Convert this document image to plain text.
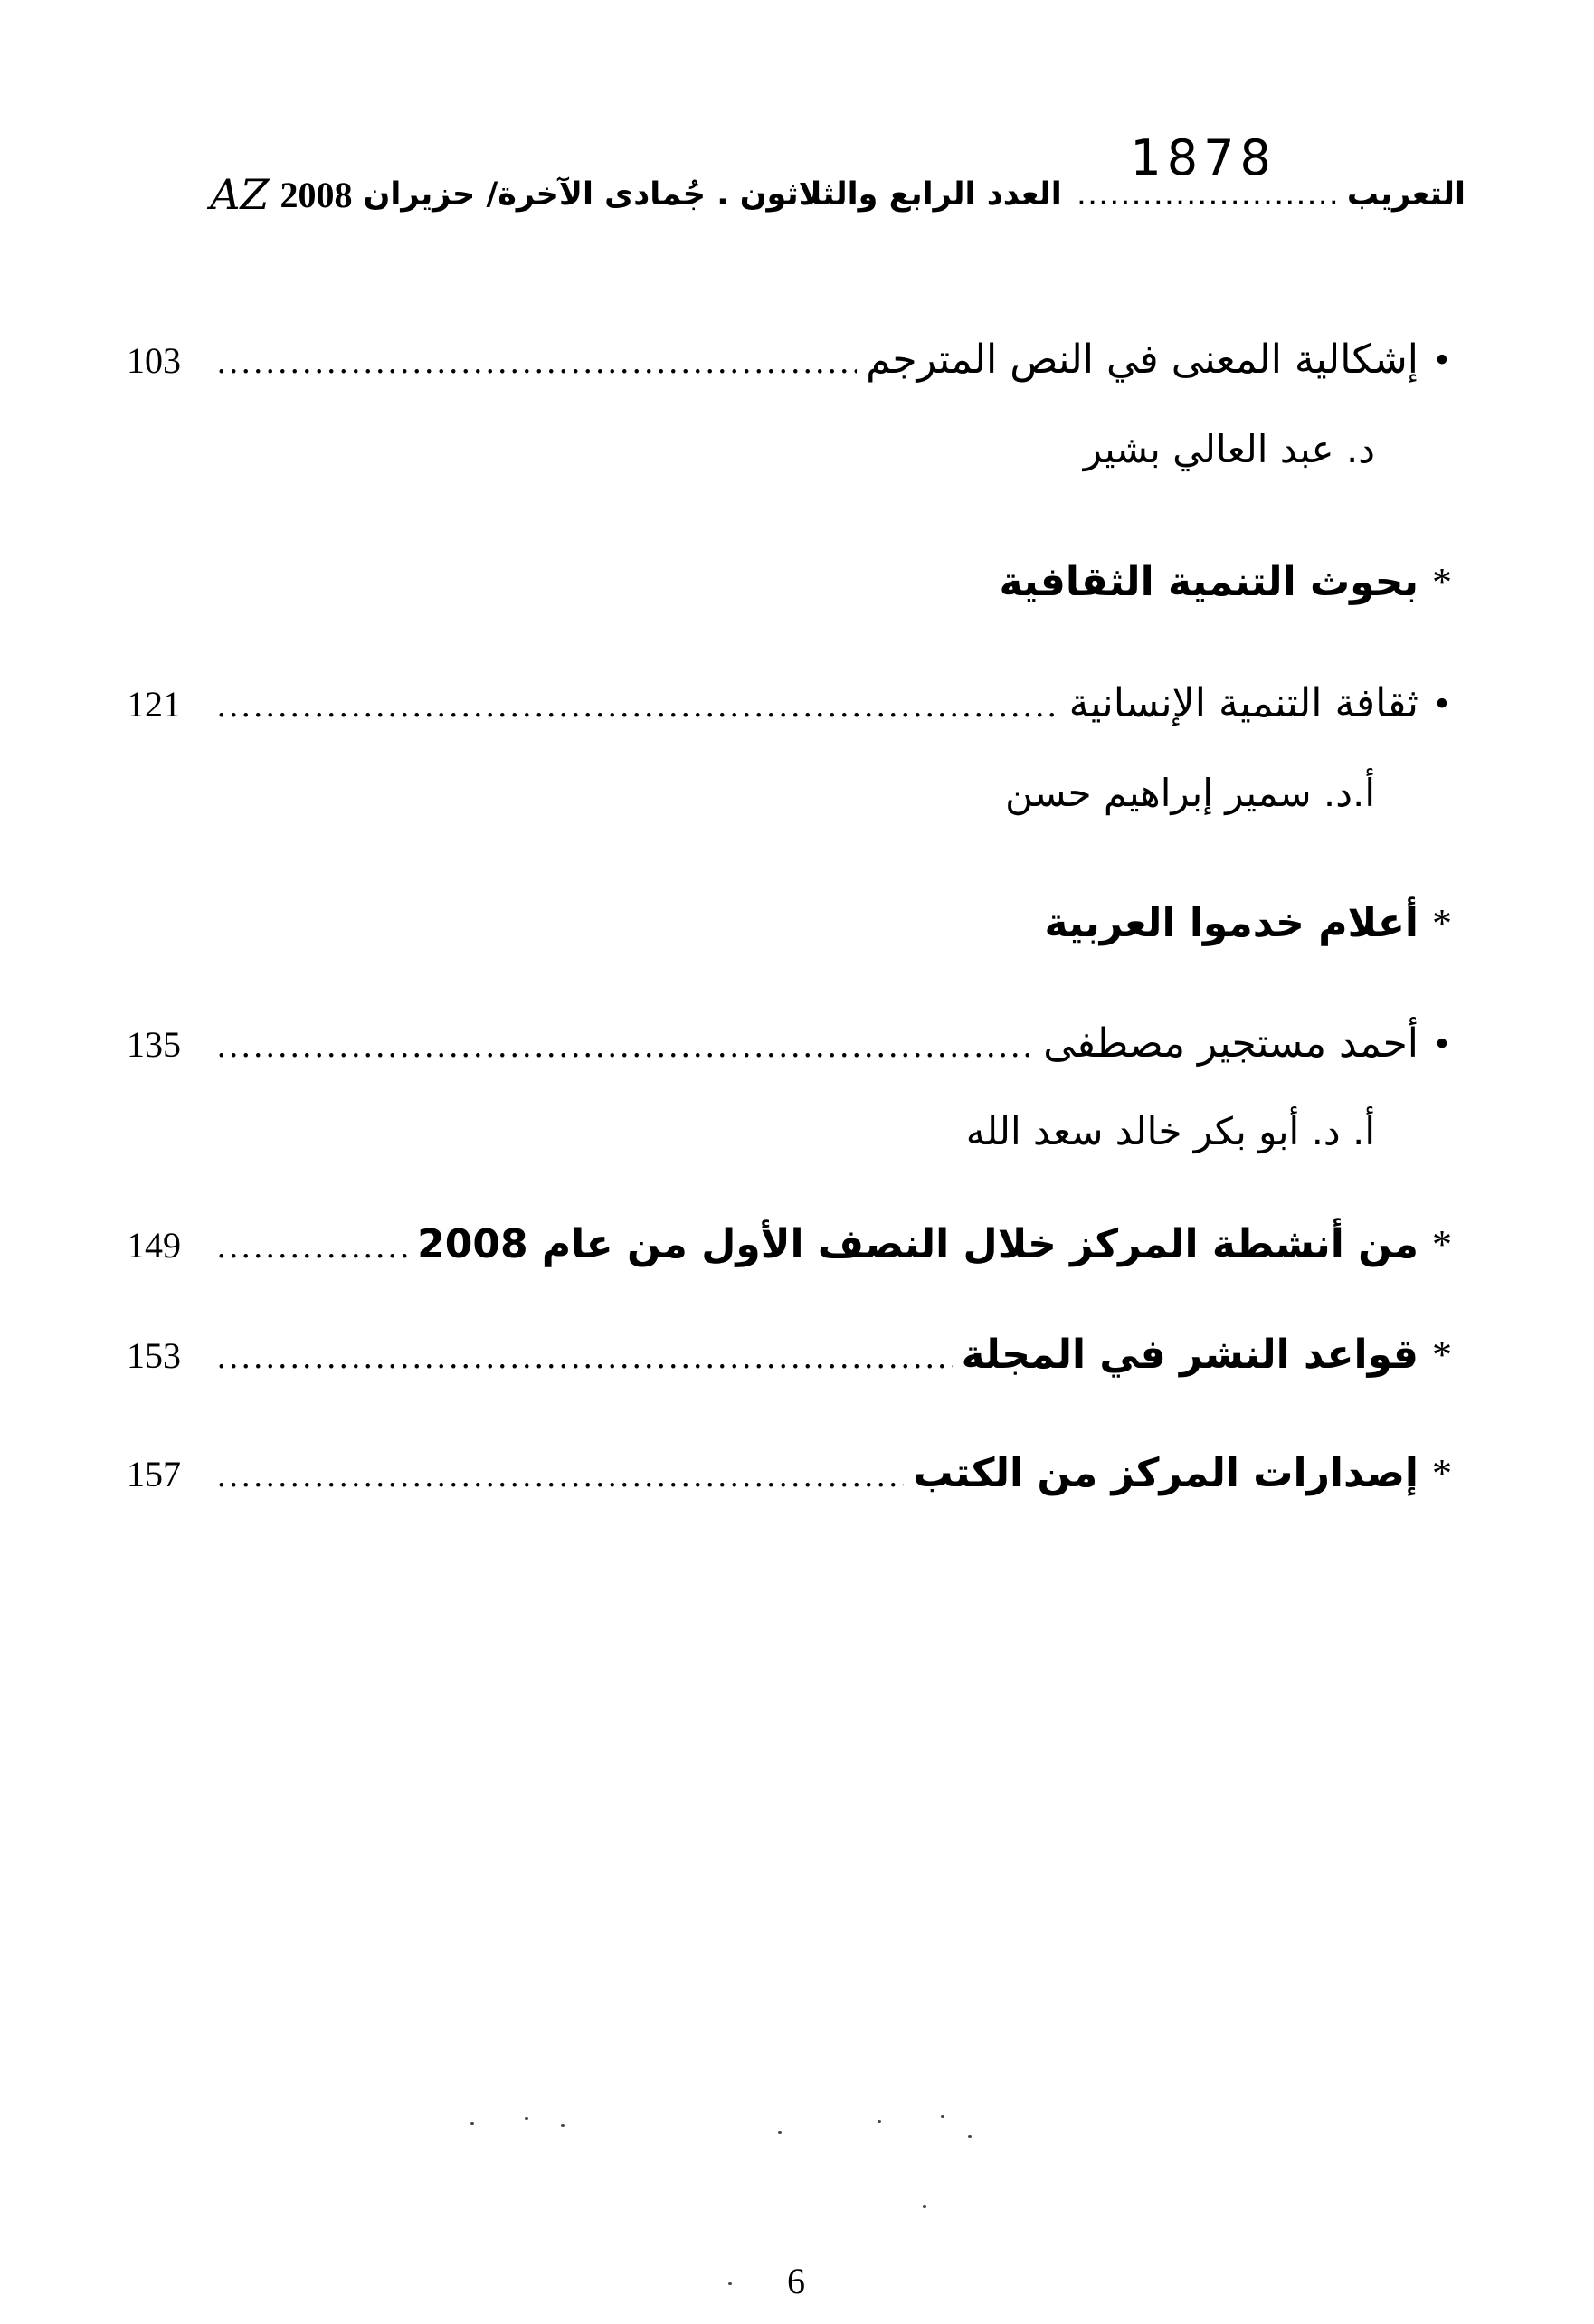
التعريب
............
1878
............
العدد الرابع والثلاثون . جُمادى الآخرة/ حزيران
2008
AZ
•
إشكالية المعنى في النص المترجم
.....
103
د. عبد العالي بشير
*
بحوث التنمية الثقافية
•
ثقافة التنمية الإنسانية
.....
121
أ.د. سمير إبراهيم حسن
*
أعلام خدموا العربية
•
أحمد مستجير مصطفى
.....
135
أ. د. أبو بكر خالد سعد الله
*
من أنشطة المركز خلال النصف الأول من عام 2008
.....
149
*
قواعد النشر في المجلة
.....
153
*
إصدارات المركز من الكتب
.....
157
6
